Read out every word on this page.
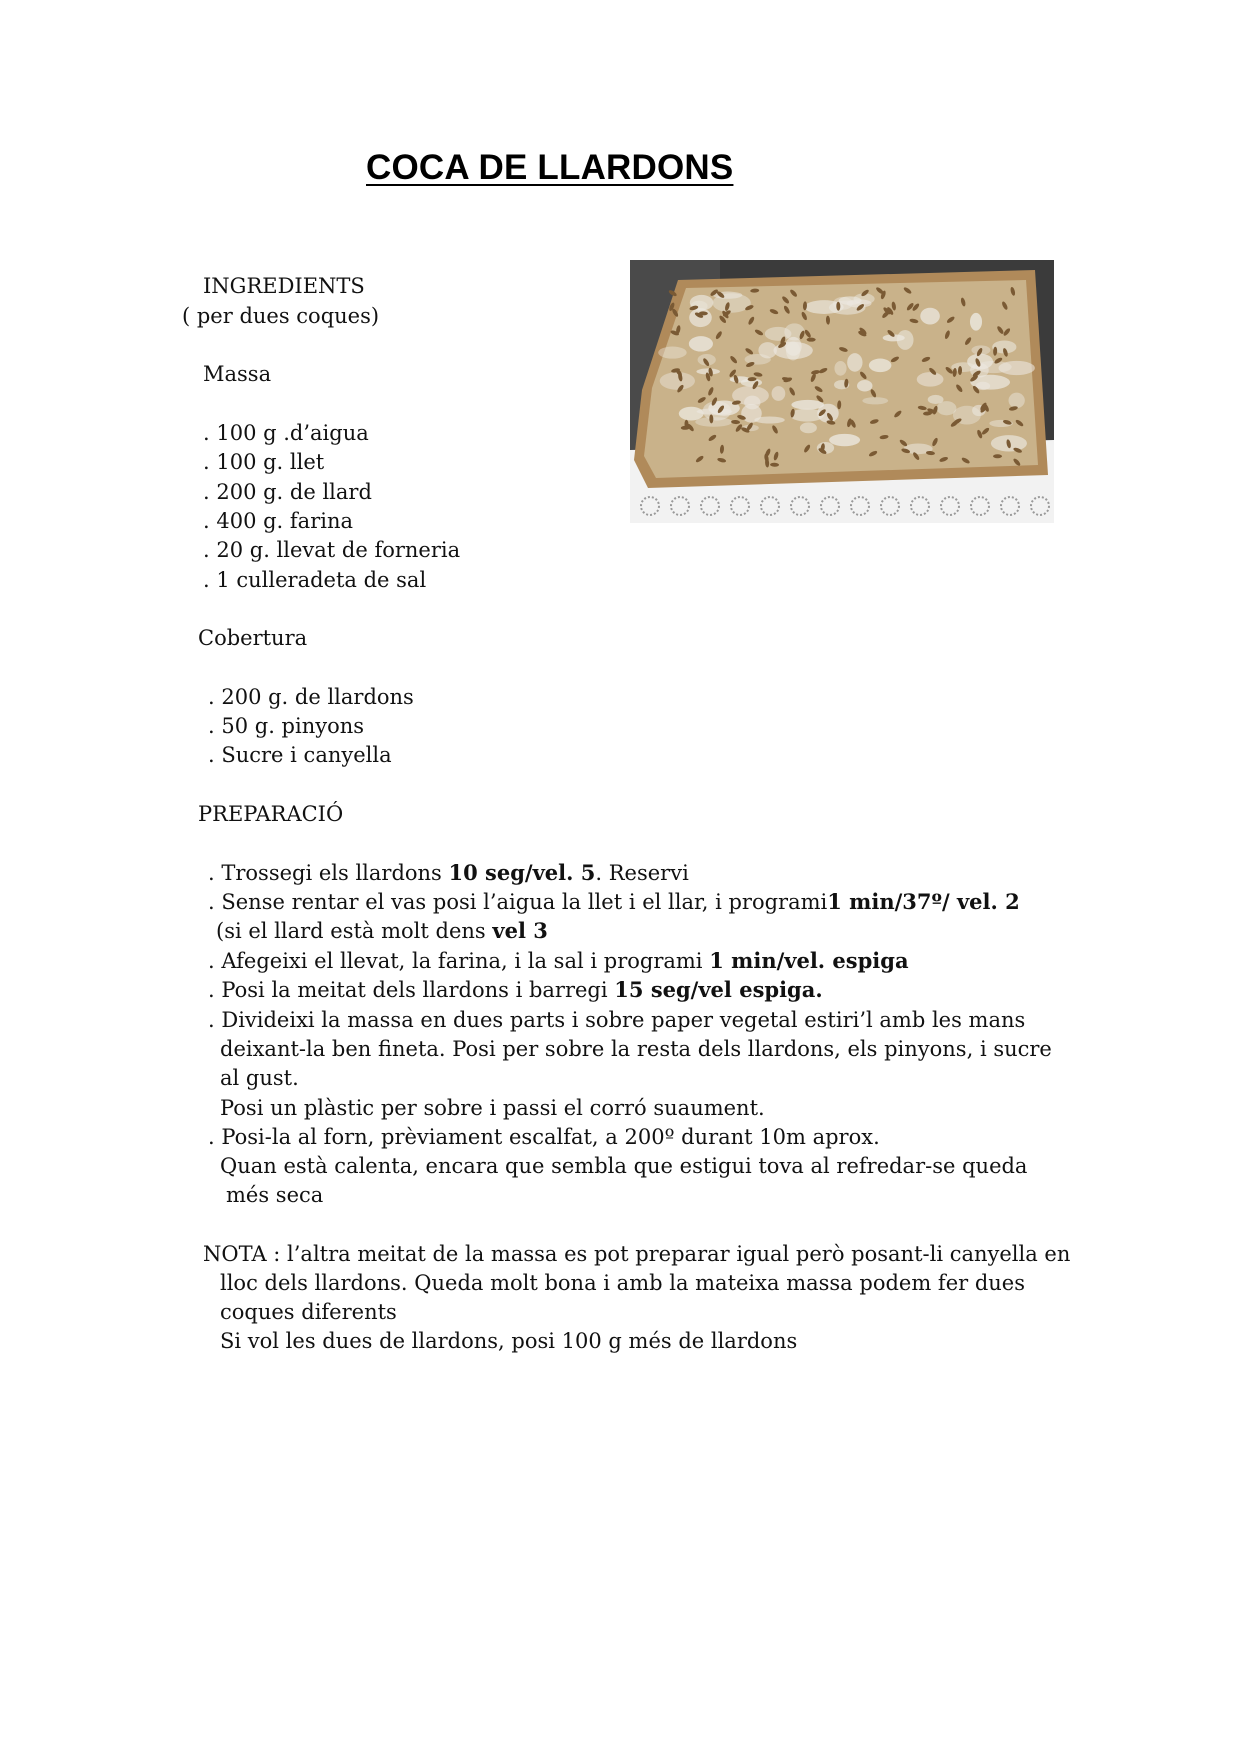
COCA DE LLARDONS

INGREDIENTS

( per dues coques)

Massa

. 100 g .d’aigua

. 100 g. llet

. 200 g. de llard

. 400 g. farina

. 20 g. llevat de forneria

. 1 culleradeta de sal

Cobertura

. 200 g. de llardons

. 50 g. pinyons

. Sucre i canyella

PREPARACIÓ

. Trossegi els llardons 10 seg/vel. 5. Reservi

. Sense rentar el vas posi l’aigua la llet i el llar, i programi1 min/37º/ vel. 2

(si el llard està molt dens vel 3

. Afegeixi el llevat, la farina, i la sal i programi 1 min/vel. espiga

. Posi la meitat dels llardons i barregi 15 seg/vel espiga.

. Divideixi la massa en dues parts i sobre paper vegetal estiri’l amb les mans

deixant-la ben fineta. Posi per sobre la resta dels llardons, els pinyons, i sucre

al gust.

Posi un plàstic per sobre i passi el corró suaument.

. Posi-la al forn, prèviament escalfat, a 200º durant 10m aprox.

Quan està calenta, encara que sembla que estigui tova al refredar-se queda

més seca

NOTA : l’altra meitat de la massa es pot preparar igual però posant-li canyella en

lloc dels llardons. Queda molt bona i amb la mateixa massa podem fer dues

coques diferents

Si vol les dues de llardons, posi 100 g més de llardons
